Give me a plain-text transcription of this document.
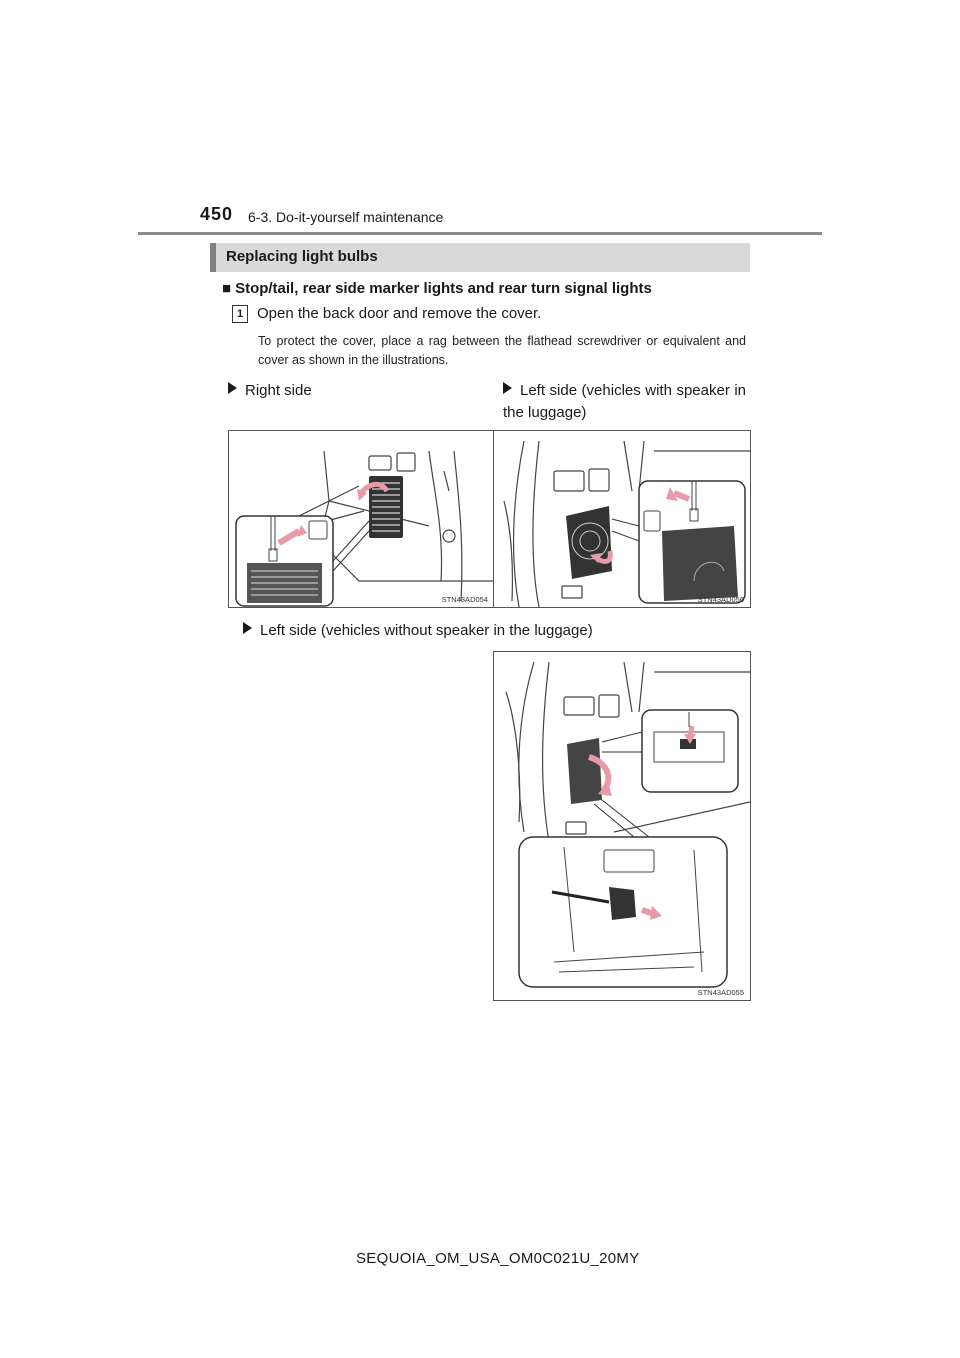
450 6-3. Do-it-yourself maintenance
Replacing light bulbs
■ Stop/tail, rear side marker lights and rear turn signal lights
1 Open the back door and remove the cover.
To protect the cover, place a rag between the flathead screwdriver or equivalent and cover as shown in the illustrations.
Right side	Left side (vehicles with speaker in the luggage)
Left side (vehicles without speaker in the luggage)
STN43AD054	STN43AD056
STN43AD055
SEQUOIA_OM_USA_OM0C021U_20MY
